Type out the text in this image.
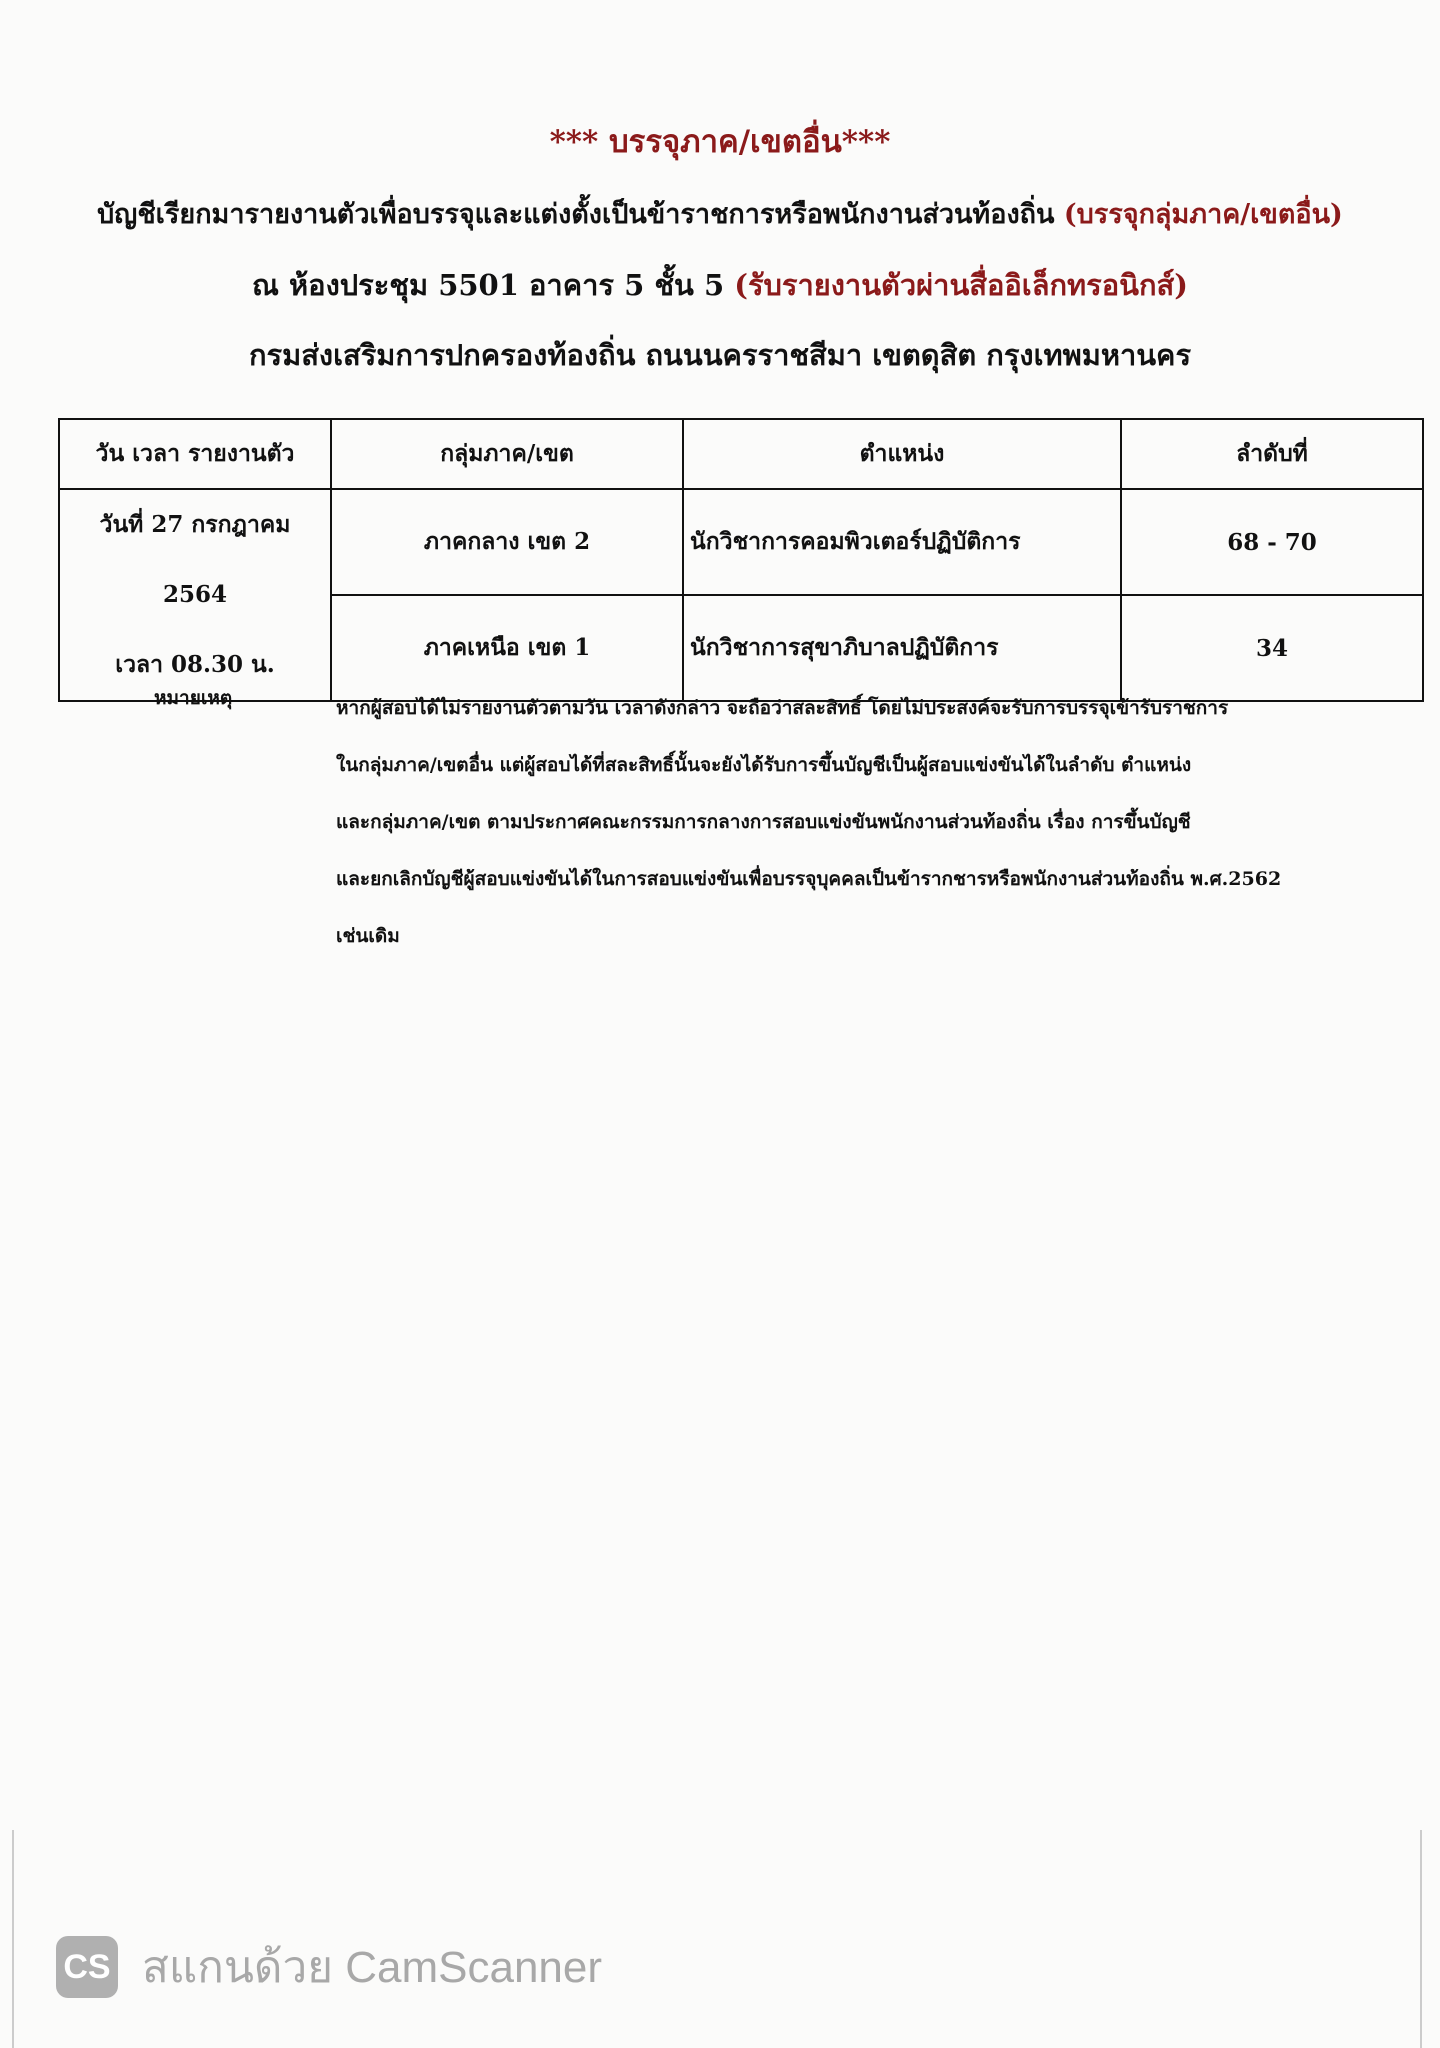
*** บรรจุภาค/เขตอื่น***
บัญชีเรียกมารายงานตัวเพื่อบรรจุและแต่งตั้งเป็นข้าราชการหรือพนักงานส่วนท้องถิ่น (บรรจุกลุ่มภาค/เขตอื่น)
ณ ห้องประชุม 5501 อาคาร 5 ชั้น 5 (รับรายงานตัวผ่านสื่ออิเล็กทรอนิกส์)
กรมส่งเสริมการปกครองท้องถิ่น ถนนนครราชสีมา เขตดุสิต กรุงเทพมหานคร
วัน เวลา รายงานตัว	กลุ่มภาค/เขต	ตำแหน่ง	ลำดับที่

วันที่ 27 กรกฎาคม 2564
เวลา 08.30 น.	ภาคกลาง เขต 2	นักวิชาการคอมพิวเตอร์ปฏิบัติการ	68 - 70
	ภาคเหนือ เขต 1	นักวิชาการสุขาภิบาลปฏิบัติการ	34
หมายเหตุ	หากผู้สอบได้ไม่รายงานตัวตามวัน เวลาดังกล่าว จะถือว่าสละสิทธิ์ โดยไม่ประสงค์จะรับการบรรจุเข้ารับราชการ
ในกลุ่มภาค/เขตอื่น แต่ผู้สอบได้ที่สละสิทธิ์นั้นจะยังได้รับการขึ้นบัญชีเป็นผู้สอบแข่งขันได้ในลำดับ ตำแหน่ง
และกลุ่มภาค/เขต ตามประกาศคณะกรรมการกลางการสอบแข่งขันพนักงานส่วนท้องถิ่น เรื่อง การขึ้นบัญชี
และยกเลิกบัญชีผู้สอบแข่งขันได้ในการสอบแข่งขันเพื่อบรรจุบุคคลเป็นข้ารากชารหรือพนักงานส่วนท้องถิ่น พ.ศ.2562
เช่นเดิม
CS สแกนด้วย CamScanner
